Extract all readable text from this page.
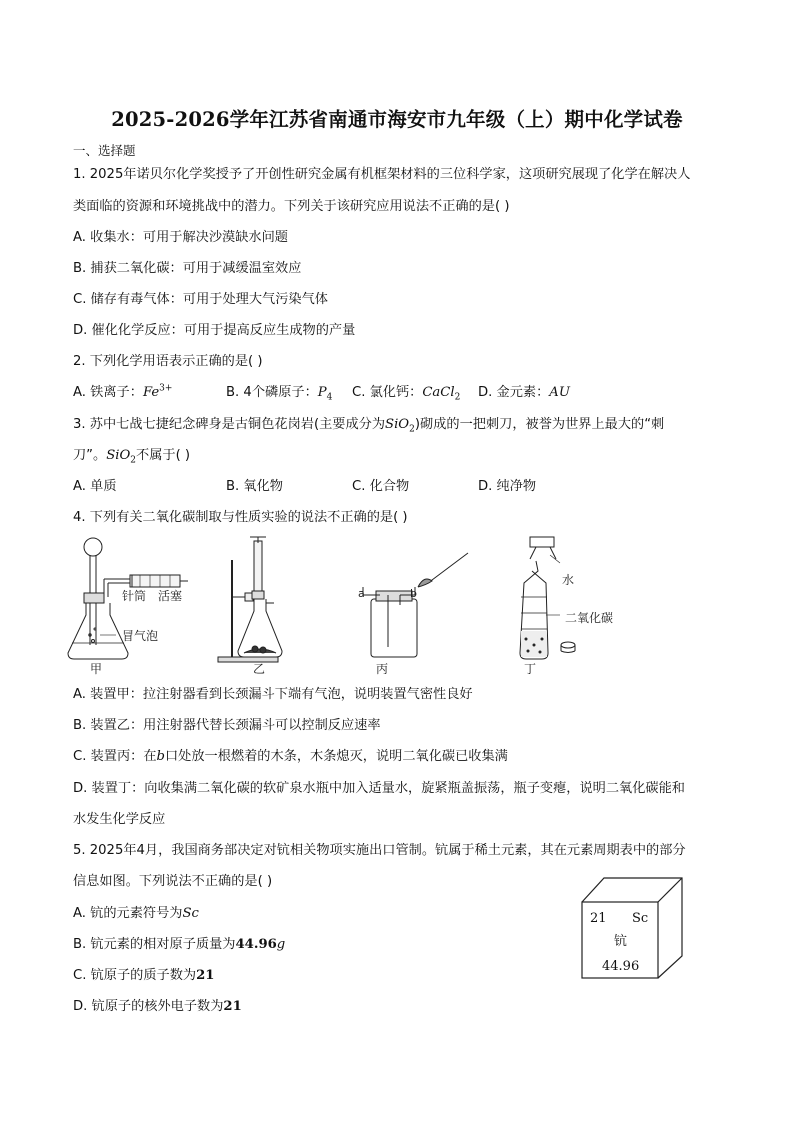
2025-2026学年江苏省南通市海安市九年级（上）期中化学试卷
一、选择题
1. 2025年诺贝尔化学奖授予了开创性研究金属有机框架材料的三位科学家，这项研究展现了化学在解决人
类面临的资源和环境挑战中的潜力。下列关于该研究应用说法不正确的是( )
A. 收集水：可用于解决沙漠缺水问题
B. 捕获二氧化碳：可用于减缓温室效应
C. 储存有毒气体：可用于处理大气污染气体
D. 催化化学反应：可用于提高反应生成物的产量
2. 下列化学用语表示正确的是( )
A. 铁离子：$Fe^{3+}$	B. 4个磷原子：$P_4$ C. 氯化钙：CaCl$_2$ D. 金元素：AU
3. 苏中七战七捷纪念碑身是古铜色花岗岩(主要成分为SiO$_2$)砌成的一把刺刀，被誉为世界上最大的“刺
刀”。SiO$_2$不属于( )
A. 单质	B. 氧化物	C. 化合物	D. 纯净物
4. 下列有关二氧化碳制取与性质实验的说法不正确的是( )
针筒 活塞
冒气泡
甲	乙
a	b
丙
水
二氧化碳
丁
A. 装置甲：拉注射器看到长颈漏斗下端有气泡，说明装置气密性良好
B. 装置乙：用注射器代替长颈漏斗可以控制反应速率
C. 装置丙：在b口处放一根燃着的木条，木条熄灭，说明二氧化碳已收集满
D. 装置丁：向收集满二氧化碳的软矿泉水瓶中加入适量水，旋紧瓶盖振荡，瓶子变瘪，说明二氧化碳能和
水发生化学反应
5. 2025年4月，我国商务部决定对钪相关物项实施出口管制。钪属于稀土元素，其在元素周期表中的部分
信息如图。下列说法不正确的是( )
A. 钪的元素符号为Sc
B. 钪元素的相对原子质量为44.96g
C. 钪原子的质子数为21
D. 钪原子的核外电子数为21
21 Sc
钪
44.96
